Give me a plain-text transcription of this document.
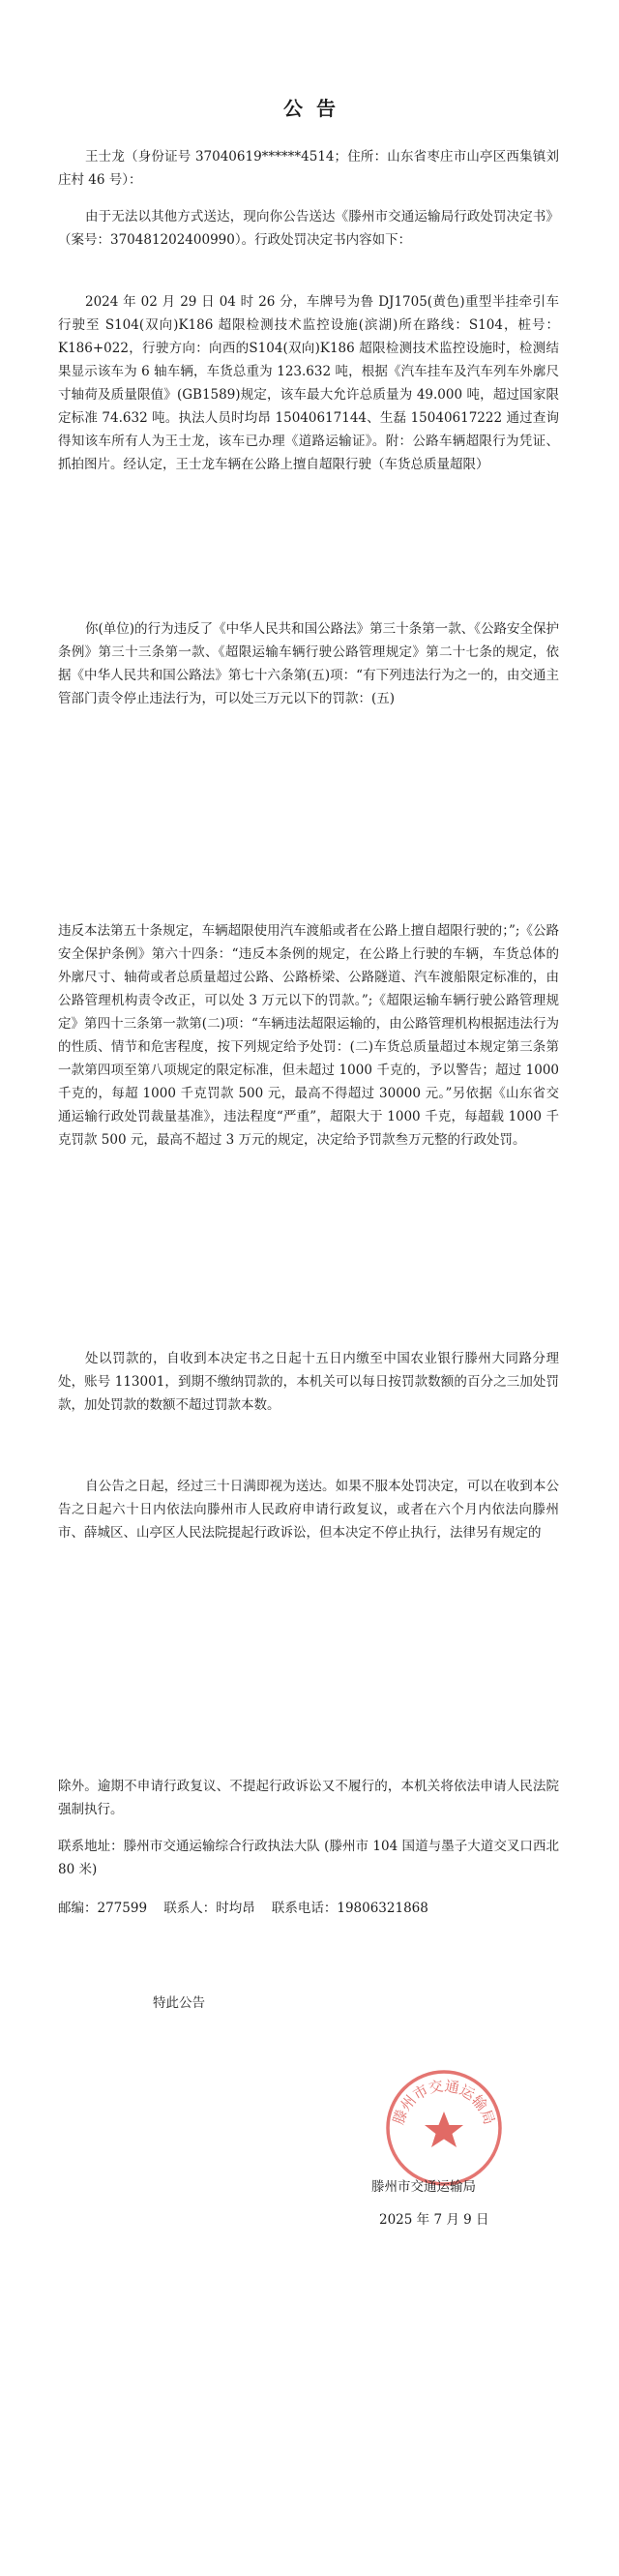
公告

王士龙（身份证号 37040619******4514；住所：山东省枣庄市山亭区西集镇刘庄村 46 号）：

由于无法以其他方式送达，现向你公告送达《滕州市交通运输局行政处罚决定书》（案号：370481202400990）。行政处罚决定书内容如下：

2024 年 02 月 29 日 04 时 26 分，车牌号为鲁 DJ1705(黄色)重型半挂牵引车行驶至 S104(双向)K186 超限检测技术监控设施(滨湖)所在路线：S104，桩号：K186+022，行驶方向：向西的S104(双向)K186 超限检测技术监控设施时，检测结果显示该车为 6 轴车辆，车货总重为 123.632 吨，根据《汽车挂车及汽车列车外廓尺寸轴荷及质量限值》(GB1589)规定，该车最大允许总质量为 49.000 吨，超过国家限定标准 74.632 吨。执法人员时均昂 15040617144、生磊 15040617222 通过查询得知该车所有人为王士龙，该车已办理《道路运输证》。附：公路车辆超限行为凭证、抓拍图片。经认定，王士龙车辆在公路上擅自超限行驶（车货总质量超限）

你(单位)的行为违反了《中华人民共和国公路法》第三十条第一款、《公路安全保护条例》第三十三条第一款、《超限运输车辆行驶公路管理规定》第二十七条的规定，依据《中华人民共和国公路法》第七十六条第(五)项：“有下列违法行为之一的，由交通主管部门责令停止违法行为，可以处三万元以下的罚款：(五)

违反本法第五十条规定，车辆超限使用汽车渡船或者在公路上擅自超限行驶的；”;《公路安全保护条例》第六十四条：“违反本条例的规定，在公路上行驶的车辆，车货总体的外廓尺寸、轴荷或者总质量超过公路、公路桥梁、公路隧道、汽车渡船限定标准的，由公路管理机构责令改正，可以处 3 万元以下的罚款。”;《超限运输车辆行驶公路管理规定》第四十三条第一款第(二)项：“车辆违法超限运输的，由公路管理机构根据违法行为的性质、情节和危害程度，按下列规定给予处罚：(二)车货总质量超过本规定第三条第一款第四项至第八项规定的限定标准，但未超过 1000 千克的，予以警告；超过 1000 千克的，每超 1000 千克罚款 500 元，最高不得超过 30000 元。”另依据《山东省交通运输行政处罚裁量基准》，违法程度“严重”，超限大于 1000 千克，每超载 1000 千克罚款 500 元，最高不超过 3 万元的规定，决定给予罚款叁万元整的行政处罚。

处以罚款的，自收到本决定书之日起十五日内缴至中国农业银行滕州大同路分理处，账号 113001，到期不缴纳罚款的，本机关可以每日按罚款数额的百分之三加处罚款，加处罚款的数额不超过罚款本数。

自公告之日起，经过三十日满即视为送达。如果不服本处罚决定，可以在收到本公告之日起六十日内依法向滕州市人民政府申请行政复议，或者在六个月内依法向滕州市、薛城区、山亭区人民法院提起行政诉讼，但本决定不停止执行，法律另有规定的

除外。逾期不申请行政复议、不提起行政诉讼又不履行的，本机关将依法申请人民法院强制执行。

联系地址：滕州市交通运输综合行政执法大队 (滕州市 104 国道与墨子大道交叉口西北 80 米)

邮编：277599    联系人：时均昂    联系电话：19806321868

特此公告

滕州市交通运输局
滕州市交通运输局
2025 年 7 月 9 日
